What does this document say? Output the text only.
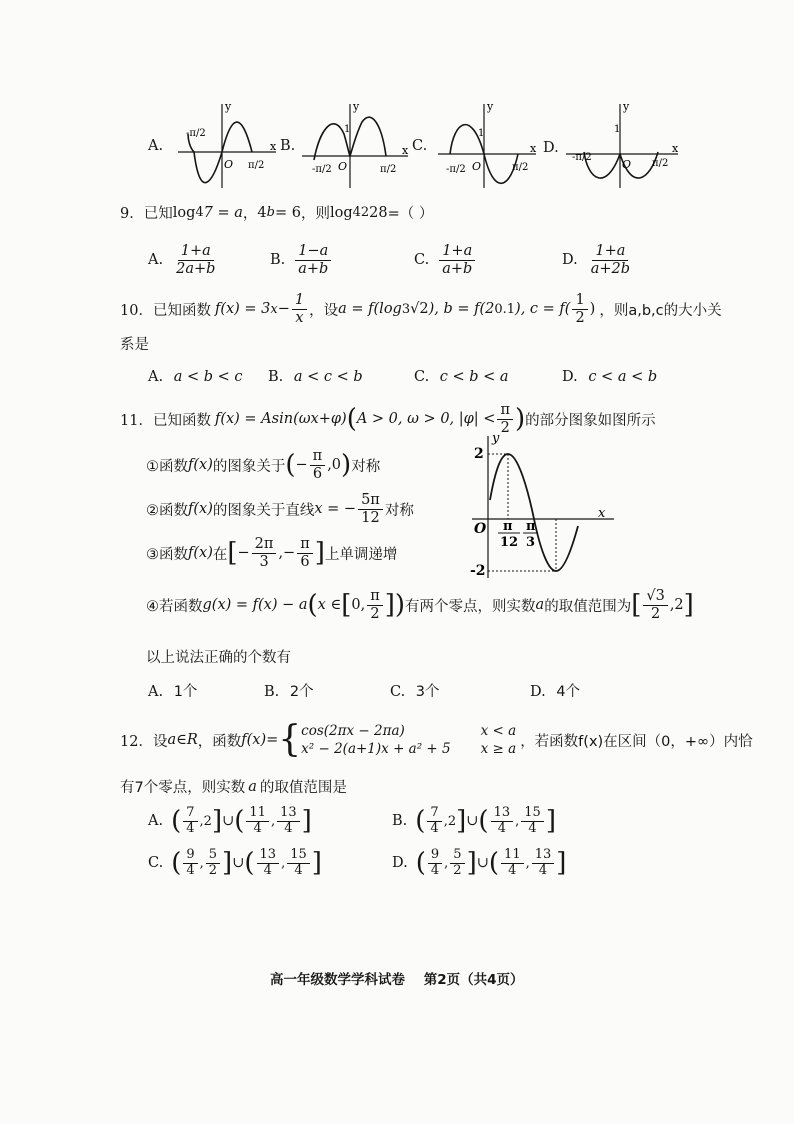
A.	B.	C.	D.
y
x
O
-π/2
π/2
y
x
1
O
-π/2	π/2
y
x
1
O
-π/2	π/2
y
x
1
O
-π/2
π/2
9． 已知 log 4 7 = a ， 4 b = 6 ，则 log 42 28 =（ ）
A. $\frac{1+a}{2a+b}$	B. $\frac{1-a}{a+b}$	C. $\frac{1+a}{a+b}$	D. $\frac{1+a}{a+2b}$
10． 已知函数 f(x) = 3 $x - \frac{1}{x}$ ，设 a = f(log 3 √2 ), b = f(2 0.1 ), $c = f( \frac{1}{2}$ ) ，则a,b,c的大小关
系是
A. a < b < c B. a < c < b	C. c < b < a	D. c < a < b
11． 已知函数 f(x) = Asin(ωx+φ) ( A > 0, ω > 0, $|\varphi| < \frac{\pi}{2}$ ) 的部分图象如图所示
①函数 f(x) 的图象关于 ( − $\frac{\pi}{6} ,0$ ) 对称
②函数 f(x) 的图象关于直线 x = − $\frac{5\pi}{12}$ 对称
③函数 f(x) 在 [ − $\frac{2\pi}{3}$ ,− $\frac{\pi}{6}$ ] 上单调递增
④若函数 g(x) = f(x) − a ( x ∈ [ 0, $\frac{\pi}{2}$ ] ) 有两个零点，则实数 a 的取值范围为 [ $\frac{√3}{2} ,2$ ]
y
x
2
-2
O π
12
π
3
以上说法正确的个数有
A. 1个	B. 2个	C. 3个	D. 4个
12． 设 a∈R ，函数 f(x)= { cos(2πx − 2πa)	x < a
x² − 2(a+1)x + a² + 5 x ≥ a ，若函数f(x)在区间（0，+∞）内恰
有7个零点，则实数 a 的取值范围是
A. ( $\frac{7}{4} ,2$ ] ∪ ( $\frac{11}{4}$ , $\frac{13}{4}$ ]	B. ( $\frac{7}{4} ,2$ ] ∪ ( $\frac{13}{4}$ , $\frac{15}{4}$ ]
C. ( $\frac{9}{4}$ , $\frac{5}{2}$ ] ∪ ( $\frac{13}{4}$ , $\frac{15}{4}$ ]	D. ( $\frac{9}{4}$ , $\frac{5}{2}$ ] ∪ ( $\frac{11}{4}$ , $\frac{13}{4}$ ]
高一年级数学学科试卷 第2页（共4页）
